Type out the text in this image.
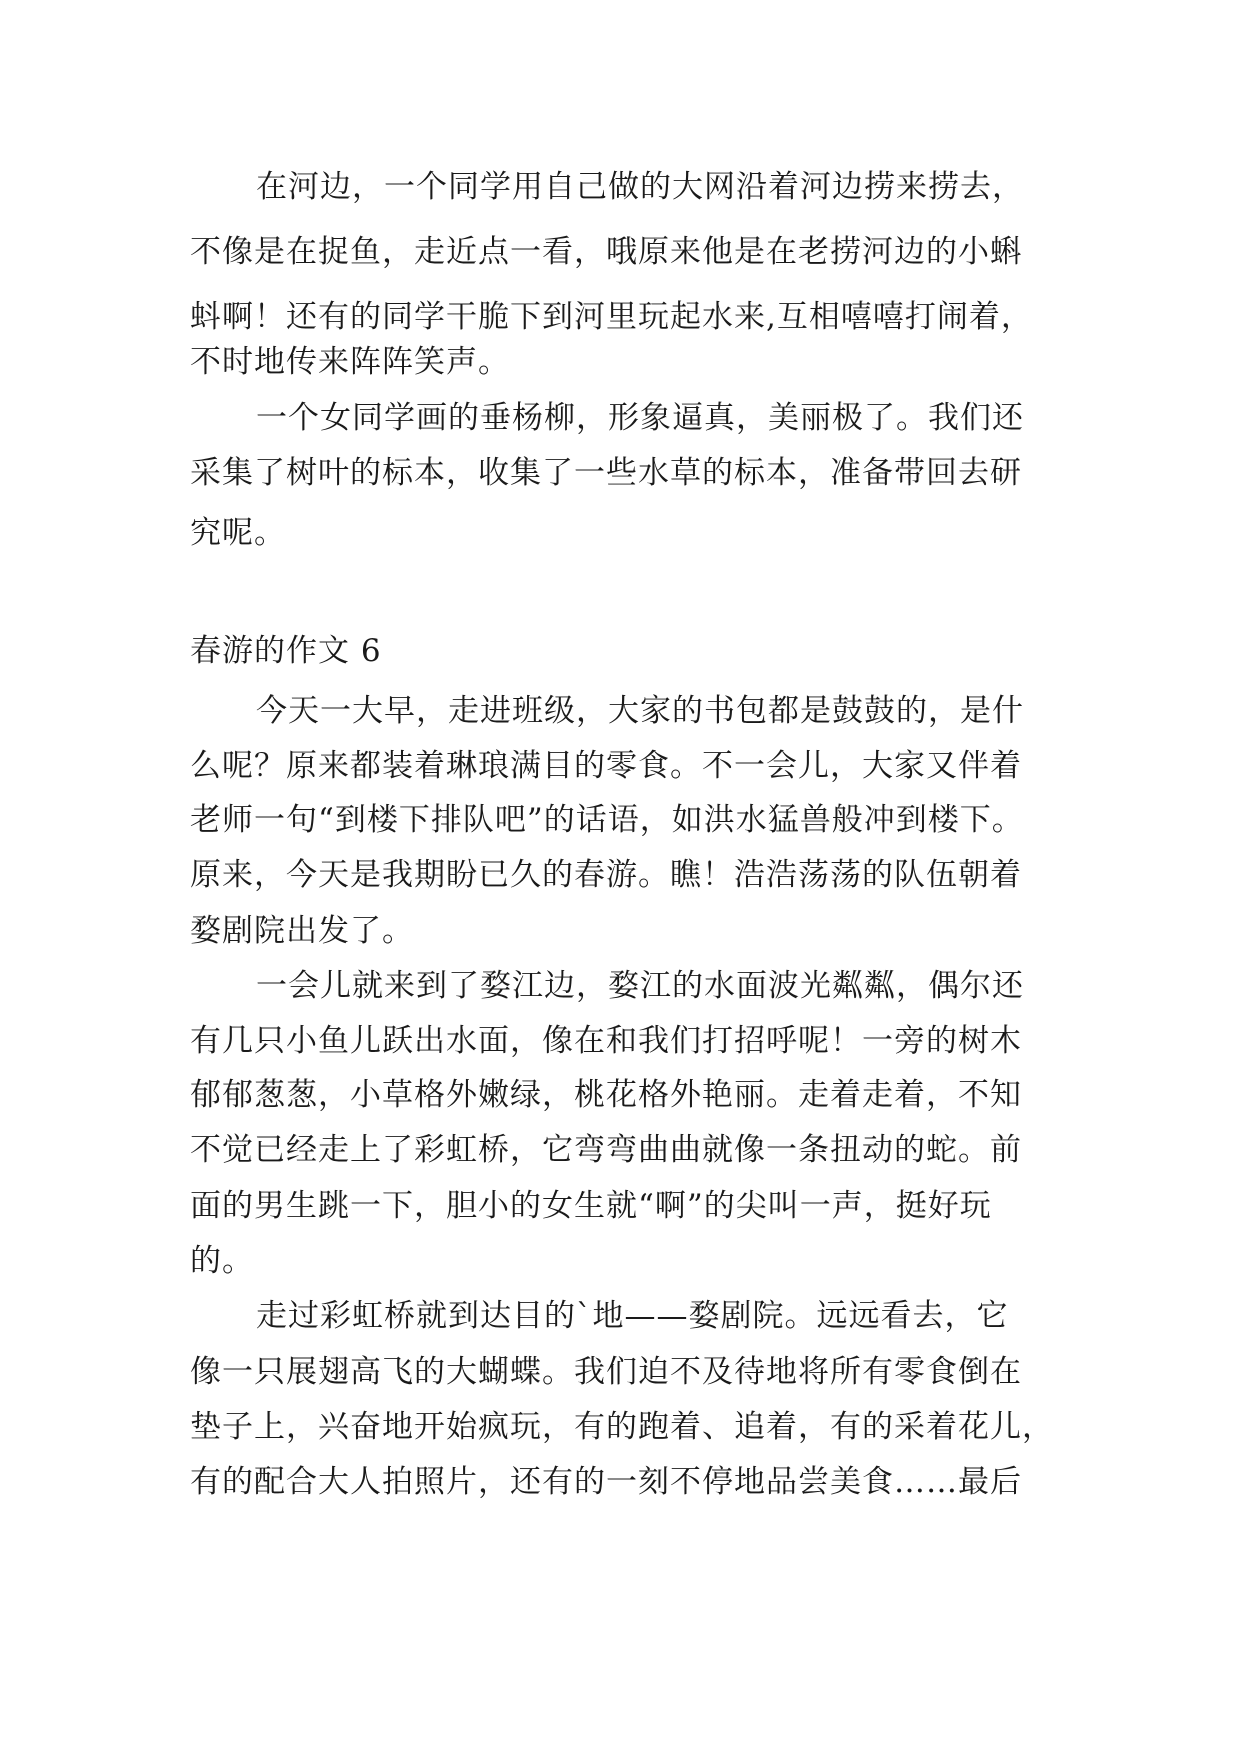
在河边，一个同学用自己做的大网沿着河边捞来捞去，
不像是在捉鱼，走近点一看，哦原来他是在老捞河边的小蝌
蚪啊！还有的同学干脆下到河里玩起水来,互相嘻嘻打闹着，
不时地传来阵阵笑声。
一个女同学画的垂杨柳，形象逼真，美丽极了。我们还
采集了树叶的标本，收集了一些水草的标本，准备带回去研
究呢。
春游的作文 6
今天一大早，走进班级，大家的书包都是鼓鼓的，是什
么呢？原来都装着琳琅满目的零食。不一会儿，大家又伴着
老师一句“到楼下排队吧”的话语，如洪水猛兽般冲到楼下。
原来，今天是我期盼已久的春游。瞧！浩浩荡荡的队伍朝着
婺剧院出发了。
一会儿就来到了婺江边，婺江的水面波光粼粼，偶尔还
有几只小鱼儿跃出水面，像在和我们打招呼呢！一旁的树木
郁郁葱葱，小草格外嫩绿，桃花格外艳丽。走着走着，不知
不觉已经走上了彩虹桥，它弯弯曲曲就像一条扭动的蛇。前
面的男生跳一下，胆小的女生就“啊”的尖叫一声，挺好玩
的。
走过彩虹桥就到达目的`地——婺剧院。远远看去，它
像一只展翅高飞的大蝴蝶。我们迫不及待地将所有零食倒在
垫子上，兴奋地开始疯玩，有的跑着、追着，有的采着花儿，
有的配合大人拍照片，还有的一刻不停地品尝美食……最后
